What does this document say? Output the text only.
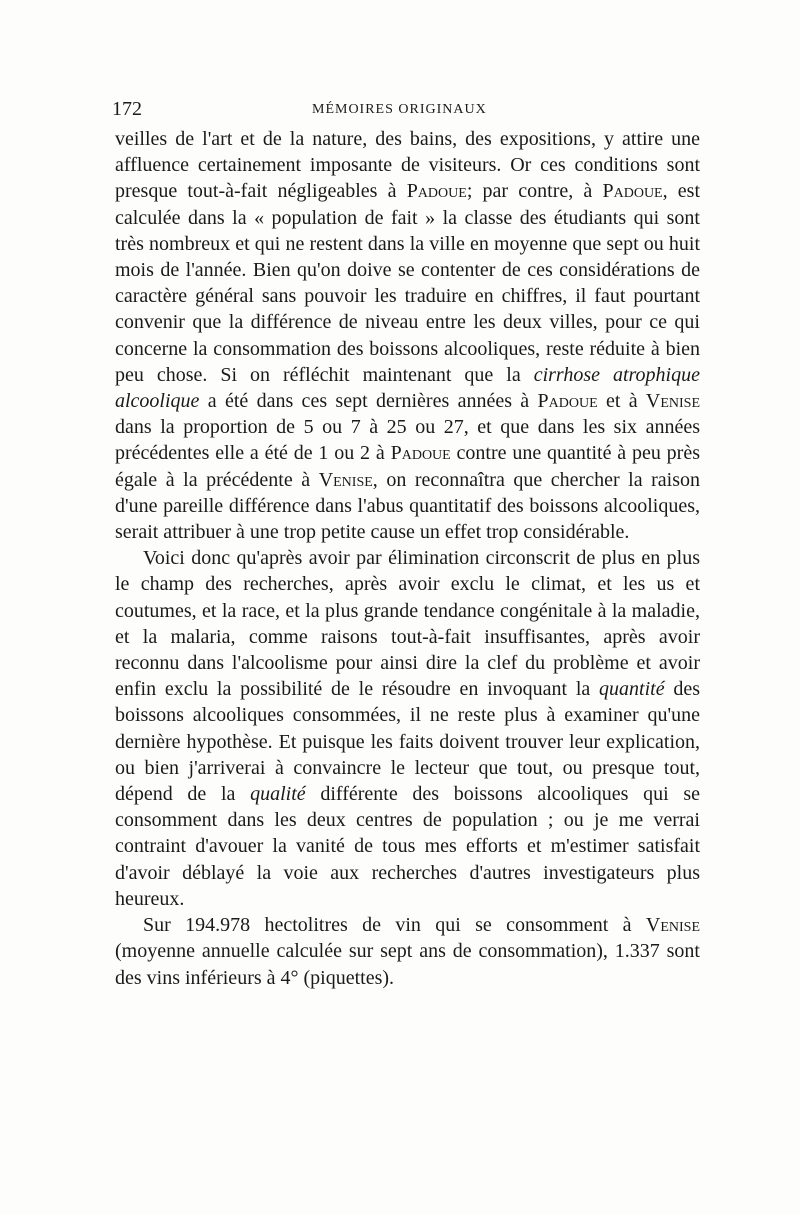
172	MÉMOIRES ORIGINAUX

veilles de l'art et de la nature, des bains, des expositions, y attire une affluence certainement imposante de visiteurs. Or ces conditions sont presque tout-à-fait négligeables à Padoue; par contre, à Padoue, est calculée dans la « population de fait » la classe des étudiants qui sont très nombreux et qui ne restent dans la ville en moyenne que sept ou huit mois de l'année. Bien qu'on doive se contenter de ces considérations de caractère général sans pouvoir les traduire en chiffres, il faut pourtant convenir que la différence de niveau entre les deux villes, pour ce qui concerne la consommation des boissons alcooliques, reste réduite à bien peu chose. Si on réfléchit maintenant que la cirrhose atrophique alcoolique a été dans ces sept dernières années à Padoue et à Venise dans la proportion de 5 ou 7 à 25 ou 27, et que dans les six années précédentes elle a été de 1 ou 2 à Padoue contre une quantité à peu près égale à la précédente à Venise, on reconnaîtra que chercher la raison d'une pareille différence dans l'abus quantitatif des boissons alcooliques, serait attribuer à une trop petite cause un effet trop considérable.

Voici donc qu'après avoir par élimination circonscrit de plus en plus le champ des recherches, après avoir exclu le climat, et les us et coutumes, et la race, et la plus grande tendance congénitale à la maladie, et la malaria, comme raisons tout-à-fait insuffisantes, après avoir reconnu dans l'alcoolisme pour ainsi dire la clef du problème et avoir enfin exclu la possibilité de le résoudre en invoquant la quantité des boissons alcooliques consommées, il ne reste plus à examiner qu'une dernière hypothèse. Et puisque les faits doivent trouver leur explication, ou bien j'arriverai à convaincre le lecteur que tout, ou presque tout, dépend de la qualité différente des boissons alcooliques qui se consomment dans les deux centres de population ; ou je me verrai contraint d'avouer la vanité de tous mes efforts et m'estimer satisfait d'avoir déblayé la voie aux recherches d'autres investigateurs plus heureux.

Sur 194.978 hectolitres de vin qui se consomment à Venise (moyenne annuelle calculée sur sept ans de consommation), 1.337 sont des vins inférieurs à 4° (piquettes).
